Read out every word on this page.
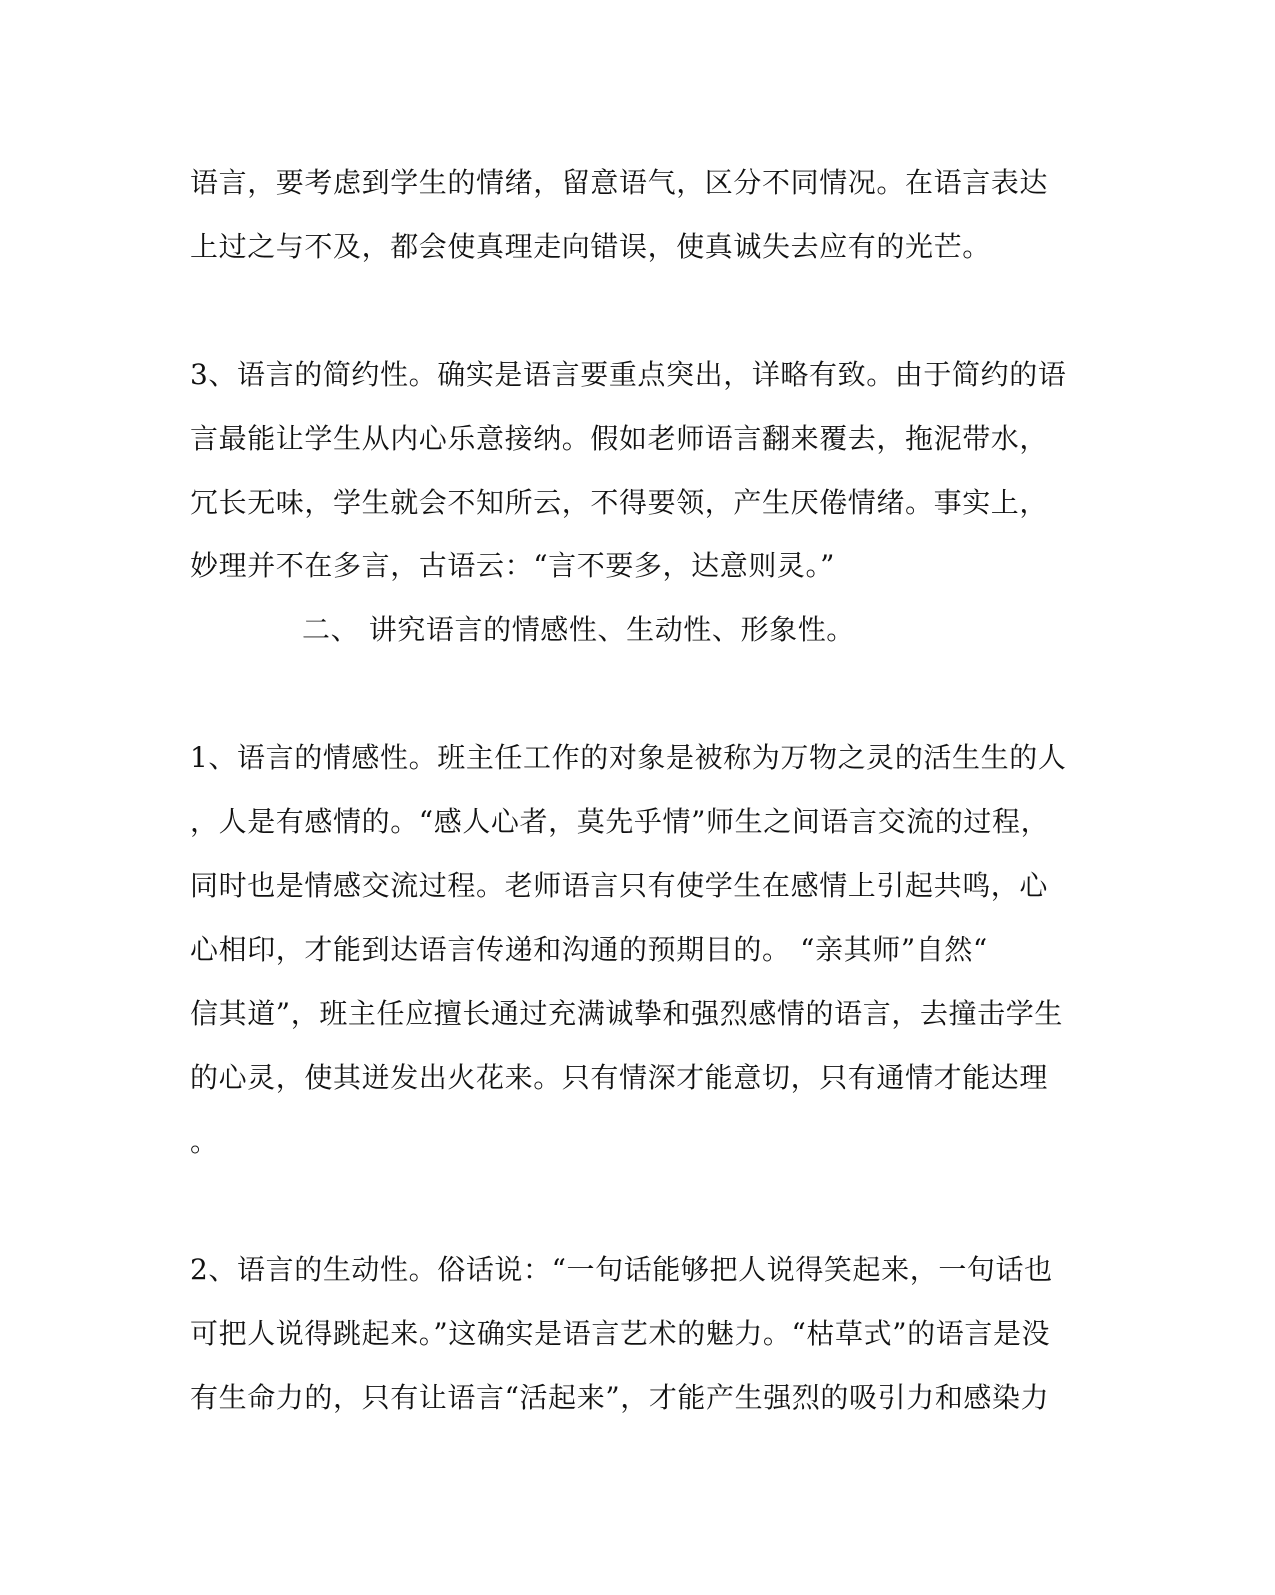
语言，要考虑到学生的情绪，留意语气，区分不同情况。在语言表达
上过之与不及，都会使真理走向错误，使真诚失去应有的光芒。
3、语言的简约性。确实是语言要重点突出，详略有致。由于简约的语
言最能让学生从内心乐意接纳。假如老师语言翻来覆去，拖泥带水，
冗长无味，学生就会不知所云，不得要领，产生厌倦情绪。事实上，
妙理并不在多言，古语云：“言不要多，达意则灵。”
二、 讲究语言的情感性、生动性、形象性。
1、语言的情感性。班主任工作的对象是被称为万物之灵的活生生的人
，人是有感情的。“感人心者，莫先乎情”师生之间语言交流的过程，
同时也是情感交流过程。老师语言只有使学生在感情上引起共鸣，心
心相印，才能到达语言传递和沟通的预期目的。 “亲其师”自然“
信其道”，班主任应擅长通过充满诚挚和强烈感情的语言，去撞击学生
的心灵，使其迸发出火花来。只有情深才能意切，只有通情才能达理
。
2、语言的生动性。俗话说：“一句话能够把人说得笑起来，一句话也
可把人说得跳起来。”这确实是语言艺术的魅力。“枯草式”的语言是没
有生命力的，只有让语言“活起来”，才能产生强烈的吸引力和感染力
